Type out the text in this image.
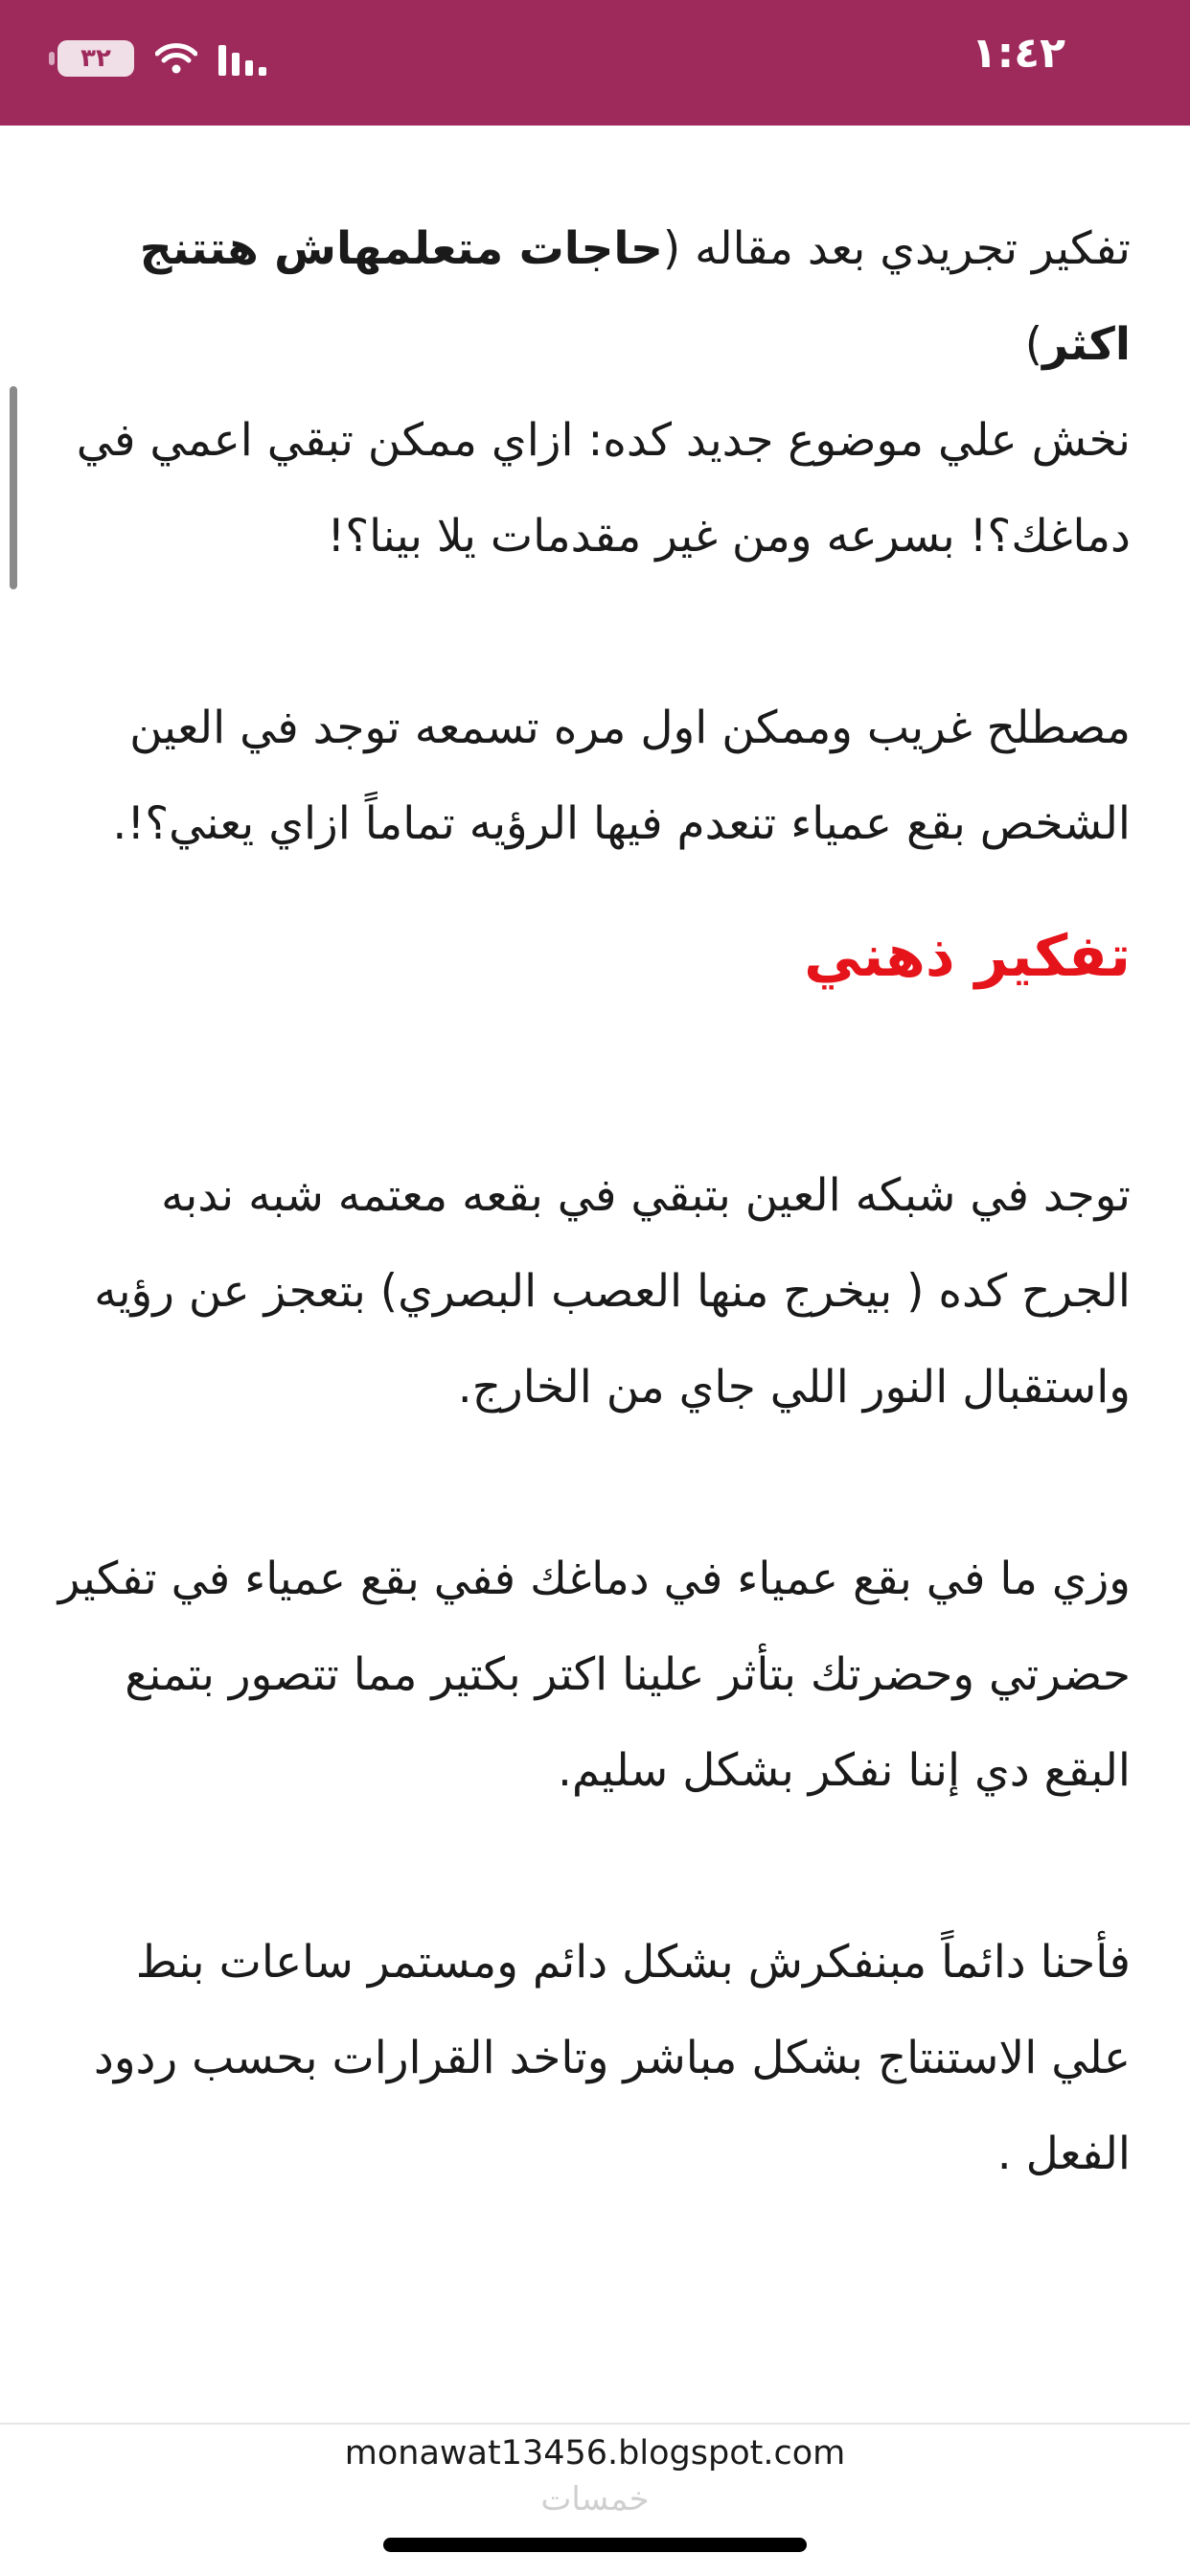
٣٢	١:٤٢

تفكير تجريدي بعد مقاله (حاجات متعلمهاش هتتنج اكثر)

نخش علي موضوع جديد كده: ازاي ممكن تبقي اعمي في دماغك؟! بسرعه ومن غير مقدمات يلا بينا؟!

مصطلح غريب وممكن اول مره تسمعه توجد في العين الشخص بقع عمياء تنعدم فيها الرؤيه تماماً ازاي يعني؟!.

تفكير ذهني

توجد في شبكه العين بتبقي في بقعه معتمه شبه ندبه الجرح كده ( بيخرج منها العصب البصري) بتعجز عن رؤيه واستقبال النور اللي جاي من الخارج.

وزي ما في بقع عمياء في دماغك ففي بقع عمياء في تفكير حضرتي وحضرتك بتأثر علينا اكتر بكتير مما تتصور بتمنع البقع دي إننا نفكر بشكل سليم.

فأحنا دائماً مبنفكرش بشكل دائم ومستمر ساعات بنط علي الاستنتاج بشكل مباشر وتاخد القرارات بحسب ردود الفعل .

monawat13456.blogspot.com
خمسات
